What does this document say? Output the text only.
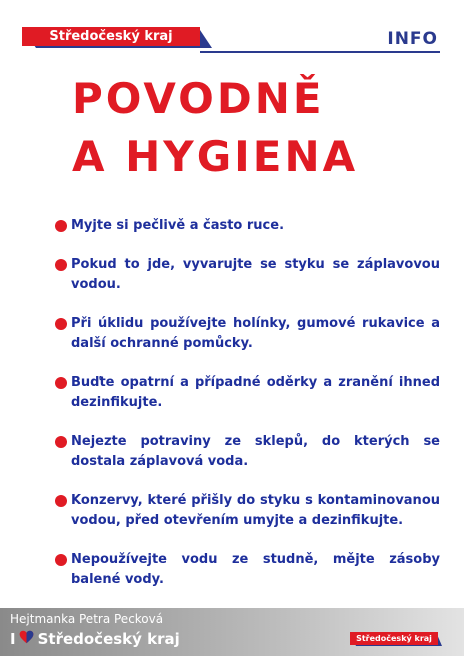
Středočeský kraj	INFO
POVODNĚ
A HYGIENA
Myjte si pečlivě a často ruce.
Pokud to jde, vyvarujte se styku se záplavovou vodou.
Při úklidu používejte holínky, gumové rukavice a další ochranné pomůcky.
Buďte opatrní a případné oděrky a zranění ihned dezinfikujte.
Nejezte potraviny ze sklepů, do kterých se dostala záplavová voda.
Konzervy, které přišly do styku s kontaminovanou vodou, před otevřením umyjte a dezinfikujte.
Nepoužívejte vodu ze studně, mějte zásoby balené vody.
Hejtmanka Petra Pecková
I Středočeský kraj	Středočeský kraj
